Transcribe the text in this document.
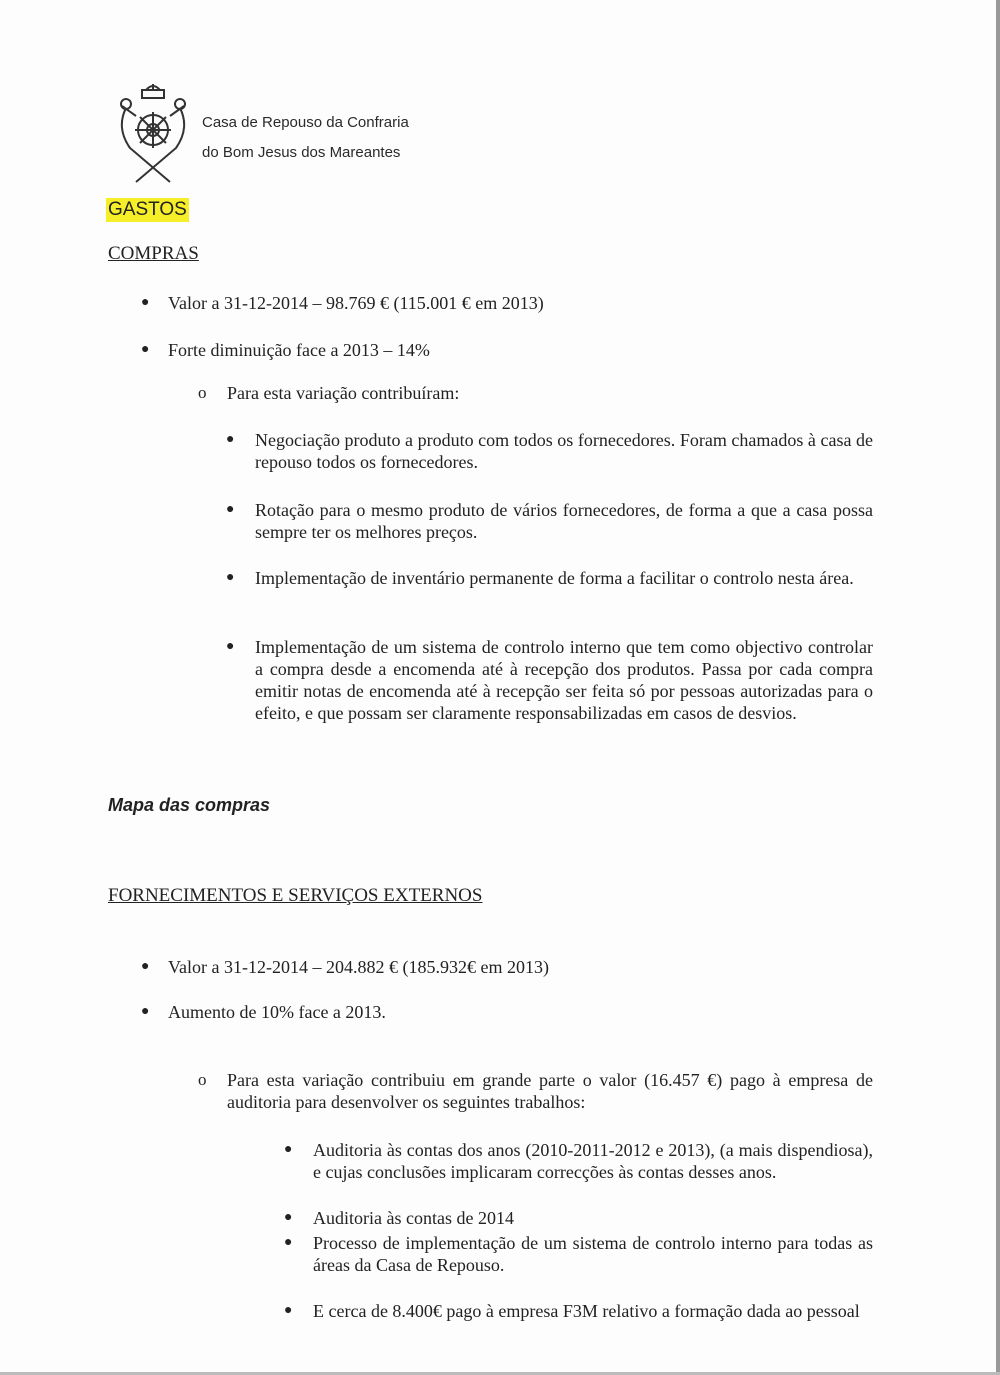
Casa de Repouso da Confraria
do Bom Jesus dos Mareantes
GASTOS
COMPRAS
● Valor a 31-12-2014 – 98.769 € (115.001 € em 2013)
● Forte diminuição face a 2013 – 14%
o Para esta variação contribuíram:
● Negociação produto a produto com todos os fornecedores. Foram chamados à casa de repouso todos os fornecedores.
● Rotação para o mesmo produto de vários fornecedores, de forma a que a casa possa sempre ter os melhores preços.
● Implementação de inventário permanente de forma a facilitar o controlo nesta área.
● Implementação de um sistema de controlo interno que tem como objectivo controlar a compra desde a encomenda até à recepção dos produtos. Passa por cada compra emitir notas de encomenda até à recepção ser feita só por pessoas autorizadas para o efeito, e que possam ser claramente responsabilizadas em casos de desvios.
Mapa das compras
FORNECIMENTOS E SERVIÇOS EXTERNOS
● Valor a 31-12-2014 – 204.882 € (185.932€ em 2013)
● Aumento de 10% face a 2013.
o Para esta variação contribuiu em grande parte o valor (16.457 €) pago à empresa de auditoria para desenvolver os seguintes trabalhos:
● Auditoria às contas dos anos (2010-2011-2012 e 2013), (a mais dispendiosa), e cujas conclusões implicaram correcções às contas desses anos.
● Auditoria às contas de 2014
● Processo de implementação de um sistema de controlo interno para todas as áreas da Casa de Repouso.
● E cerca de 8.400€ pago à empresa F3M relativo a formação dada ao pessoal
